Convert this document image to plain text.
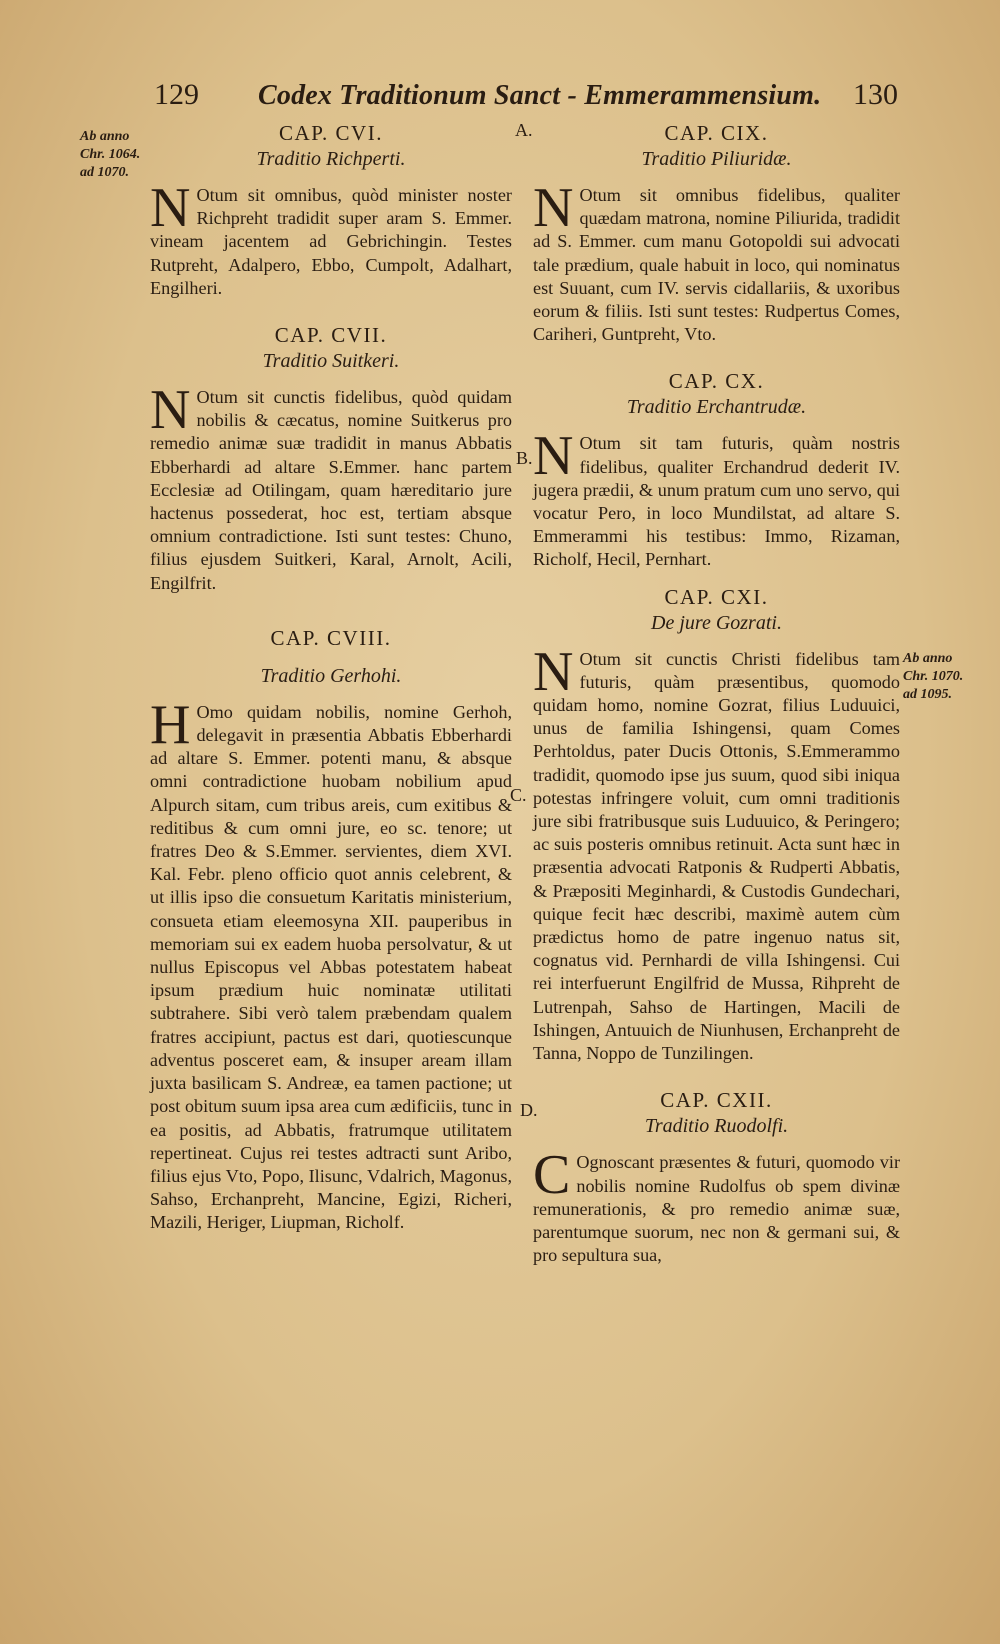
129 Codex Traditionum Sanct - Emmerammensium. 130
Ab anno
Chr. 1064.
ad 1070.
Ab anno
Chr. 1070.
ad 1095.
A.
B.
C.
D.
CAP. CVI.
Traditio Richperti.

N Otum sit omnibus, quòd minister noster Richpreht tradidit super aram S. Emmer. vineam jacentem ad Gebrichingin. Testes Rutpreht, Adalpero, Ebbo, Cumpolt, Adalhart, Engilheri.

CAP. CVII.
Traditio Suitkeri.

N Otum sit cunctis fidelibus, quòd quidam nobilis & cæcatus, nomine Suitkerus pro remedio animæ suæ tradidit in manus Abbatis Ebberhardi ad altare S.Emmer. hanc partem Ecclesiæ ad Otilingam, quam hæreditario jure hactenus possederat, hoc est, tertiam absque omnium contradictione. Isti sunt testes: Chuno, filius ejusdem Suitkeri, Karal, Arnolt, Acili, Engilfrit.

CAP. CVIII.
Traditio Gerhohi.

H Omo quidam nobilis, nomine Gerhoh, delegavit in præsentia Abbatis Ebberhardi ad altare S. Emmer. potenti manu, & absque omni contradictione huobam nobilium apud Alpurch sitam, cum tribus areis, cum exitibus & reditibus & cum omni jure, eo sc. tenore; ut fratres Deo & S.Emmer. servientes, diem XVI. Kal. Febr. pleno officio quot annis celebrent, & ut illis ipso die consuetum Karitatis ministerium, consueta etiam eleemosyna XII. pauperibus in memoriam sui ex eadem huoba persolvatur, & ut nullus Episcopus vel Abbas potestatem habeat ipsum prædium huic nominatæ utilitati subtrahere. Sibi verò talem præbendam qualem fratres accipiunt, pactus est dari, quotiescunque adventus posceret eam, & insuper aream illam juxta basilicam S. Andreæ, ea tamen pactione; ut post obitum suum ipsa area cum ædificiis, tunc in ea positis, ad Abbatis, fratrumque utilitatem repertineat. Cujus rei testes adtracti sunt Aribo, filius ejus Vto, Popo, Ilisunc, Vdalrich, Magonus, Sahso, Erchanpreht, Mancine, Egizi, Richeri, Mazili, Heriger, Liupman, Richolf.

CAP. CIX.
Traditio Piliuridæ.

N Otum sit omnibus fidelibus, qualiter quædam matrona, nomine Piliurida, tradidit ad S. Emmer. cum manu Gotopoldi sui advocati tale prædium, quale habuit in loco, qui nominatus est Suuant, cum IV. servis cidallariis, & uxoribus eorum & filiis. Isti sunt testes: Rudpertus Comes, Cariheri, Guntpreht, Vto.

CAP. CX.
Traditio Erchantrudæ.

N Otum sit tam futuris, quàm nostris fidelibus, qualiter Erchandrud dederit IV. jugera prædii, & unum pratum cum uno servo, qui vocatur Pero, in loco Mundilstat, ad altare S. Emmerammi his testibus: Immo, Rizaman, Richolf, Hecil, Pernhart.

CAP. CXI.
De jure Gozrati.

N Otum sit cunctis Christi fidelibus tam futuris, quàm præsentibus, quomodo quidam homo, nomine Gozrat, filius Luduuici, unus de familia Ishingensi, quam Comes Perhtoldus, pater Ducis Ottonis, S.Emmerammo tradidit, quomodo ipse jus suum, quod sibi iniqua potestas infringere voluit, cum omni traditionis jure sibi fratribusque suis Luduuico, & Peringero; ac suis posteris omnibus retinuit. Acta sunt hæc in præsentia advocati Ratponis & Rudperti Abbatis, & Præpositi Meginhardi, & Custodis Gundechari, quique fecit hæc describi, maximè autem cùm prædictus homo de patre ingenuo natus sit, cognatus vid. Pernhardi de villa Ishingensi. Cui rei interfuerunt Engilfrid de Mussa, Rihpreht de Lutrenpah, Sahso de Hartingen, Macili de Ishingen, Antuuich de Niunhusen, Erchanpreht de Tanna, Noppo de Tunzilingen.

CAP. CXII.
Traditio Ruodolfi.

C Ognoscant præsentes & futuri, quomodo vir nobilis nomine Rudolfus ob spem divinæ remunerationis, & pro remedio animæ suæ, parentumque suorum, nec non & germani sui, & pro sepultura sua,
